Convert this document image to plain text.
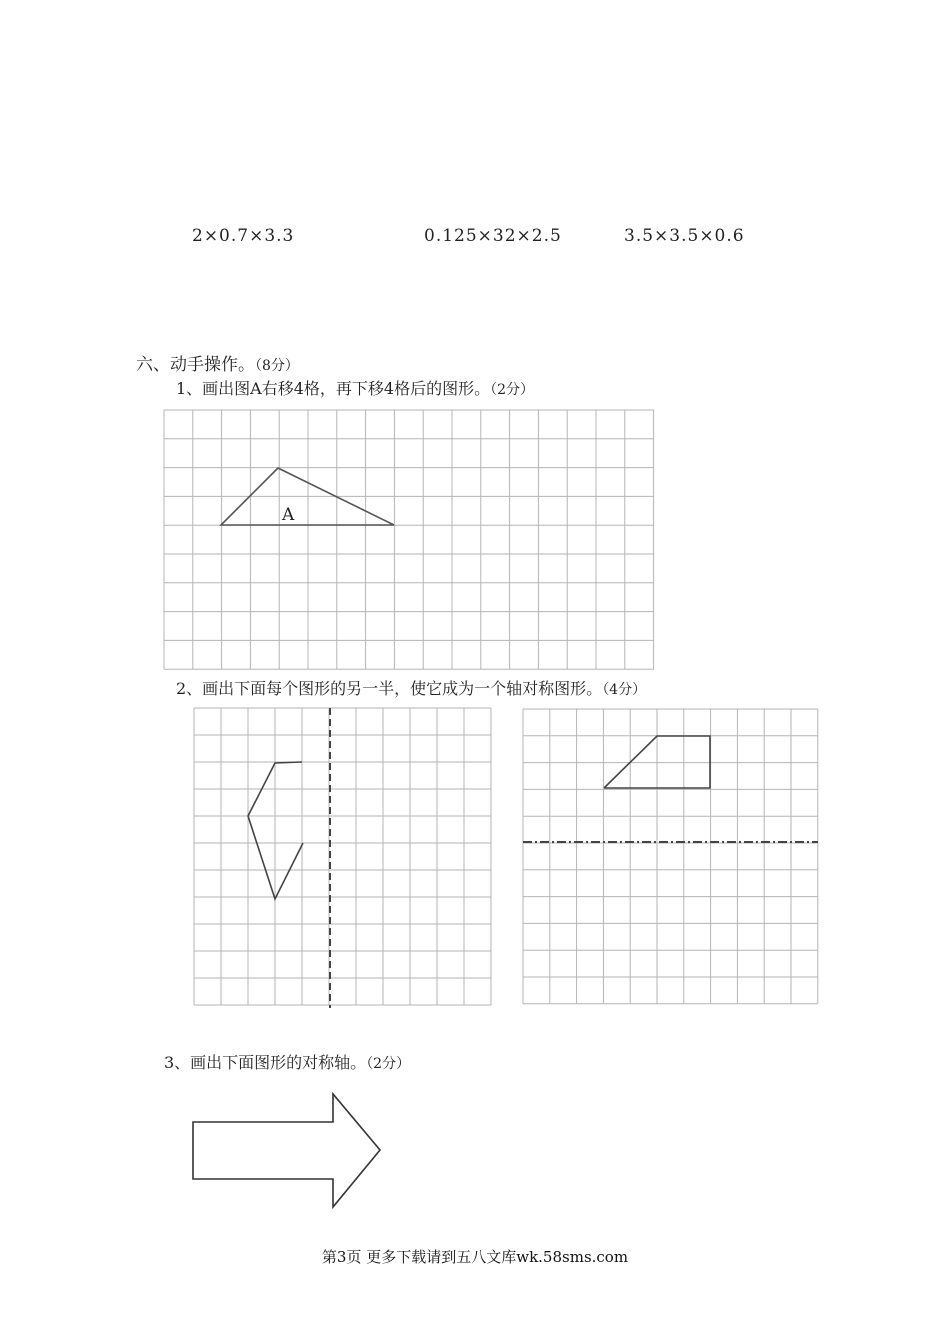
2×0.7×3.3	0.125×32×2.5	3.5×3.5×0.6
六、动手操作。（8分）
1、画出图A右移4格，再下移4格后的图形。（2分）
A
2、画出下面每个图形的另一半，使它成为一个轴对称图形。（4分）
3、画出下面图形的对称轴。（2分）
第3页 更多下载请到五八文库wk.58sms.com
